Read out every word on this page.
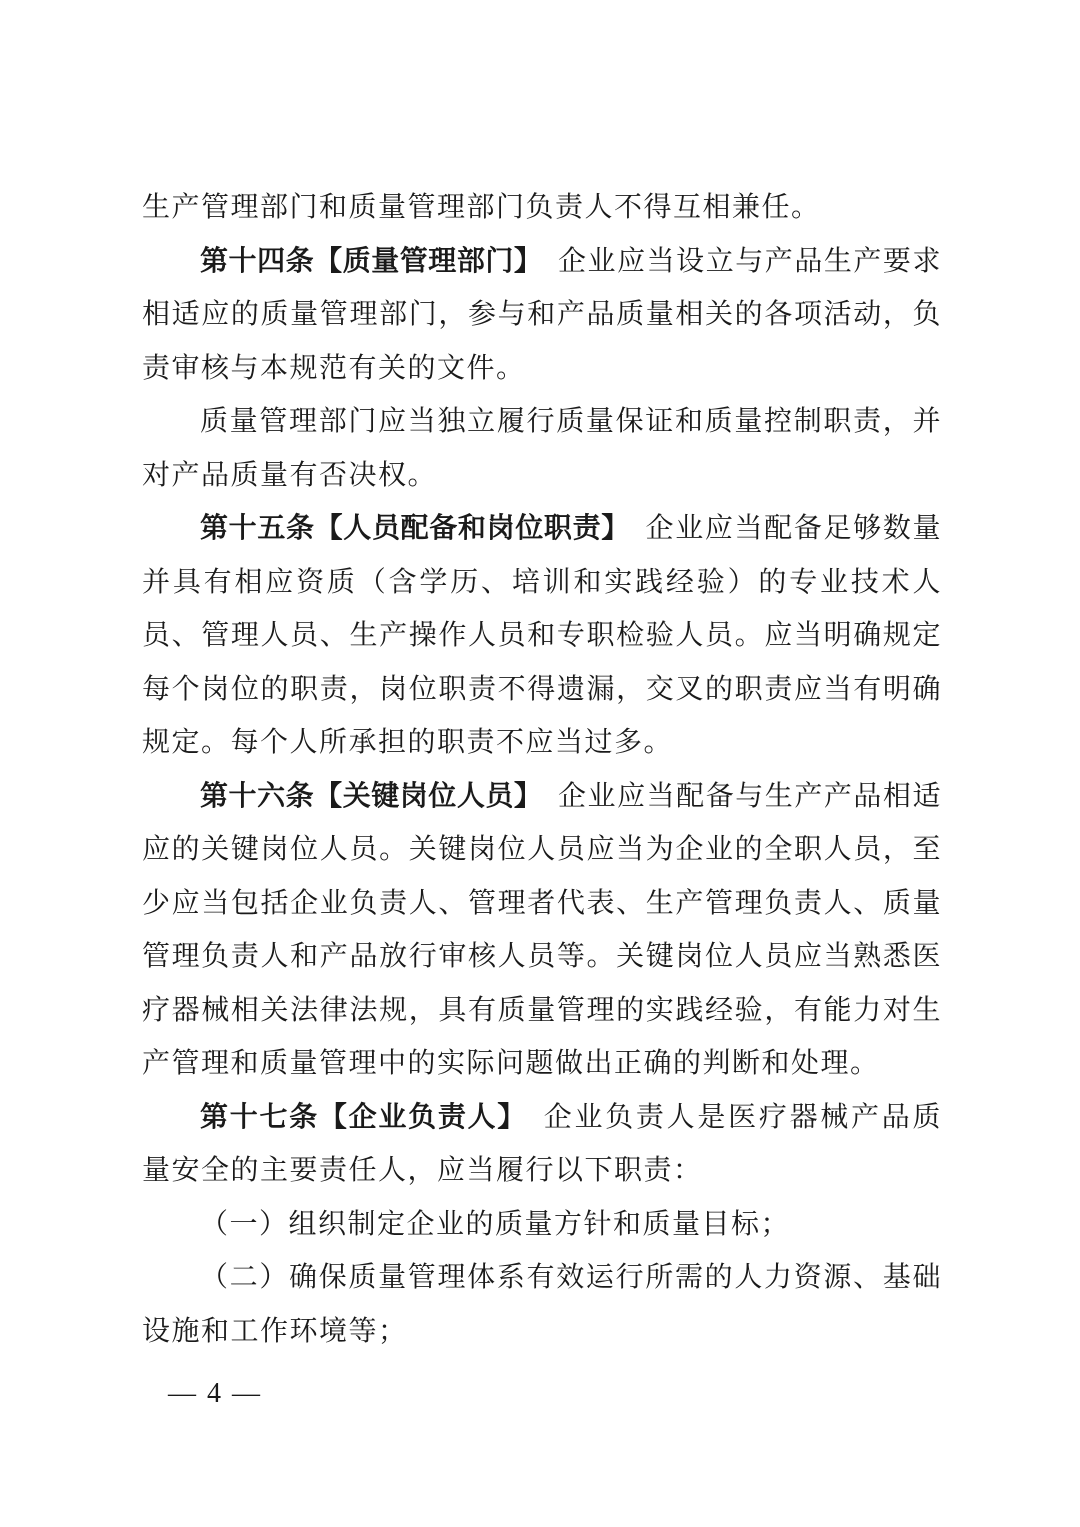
生产管理部门和质量管理部门负责人不得互相兼任。

第十四条【质量管理部门】　企业应当设立与产品生产要求相适应的质量管理部门，参与和产品质量相关的各项活动，负责审核与本规范有关的文件。

质量管理部门应当独立履行质量保证和质量控制职责，并对产品质量有否决权。

第十五条【人员配备和岗位职责】　企业应当配备足够数量并具有相应资质（含学历、培训和实践经验）的专业技术人员、管理人员、生产操作人员和专职检验人员。应当明确规定每个岗位的职责，岗位职责不得遗漏，交叉的职责应当有明确规定。每个人所承担的职责不应当过多。

第十六条【关键岗位人员】　企业应当配备与生产产品相适应的关键岗位人员。关键岗位人员应当为企业的全职人员，至少应当包括企业负责人、管理者代表、生产管理负责人、质量管理负责人和产品放行审核人员等。关键岗位人员应当熟悉医疗器械相关法律法规，具有质量管理的实践经验，有能力对生产管理和质量管理中的实际问题做出正确的判断和处理。

第十七条【企业负责人】　企业负责人是医疗器械产品质量安全的主要责任人，应当履行以下职责：

（一）组织制定企业的质量方针和质量目标；

（二）确保质量管理体系有效运行所需的人力资源、基础设施和工作环境等；

— 4 —
